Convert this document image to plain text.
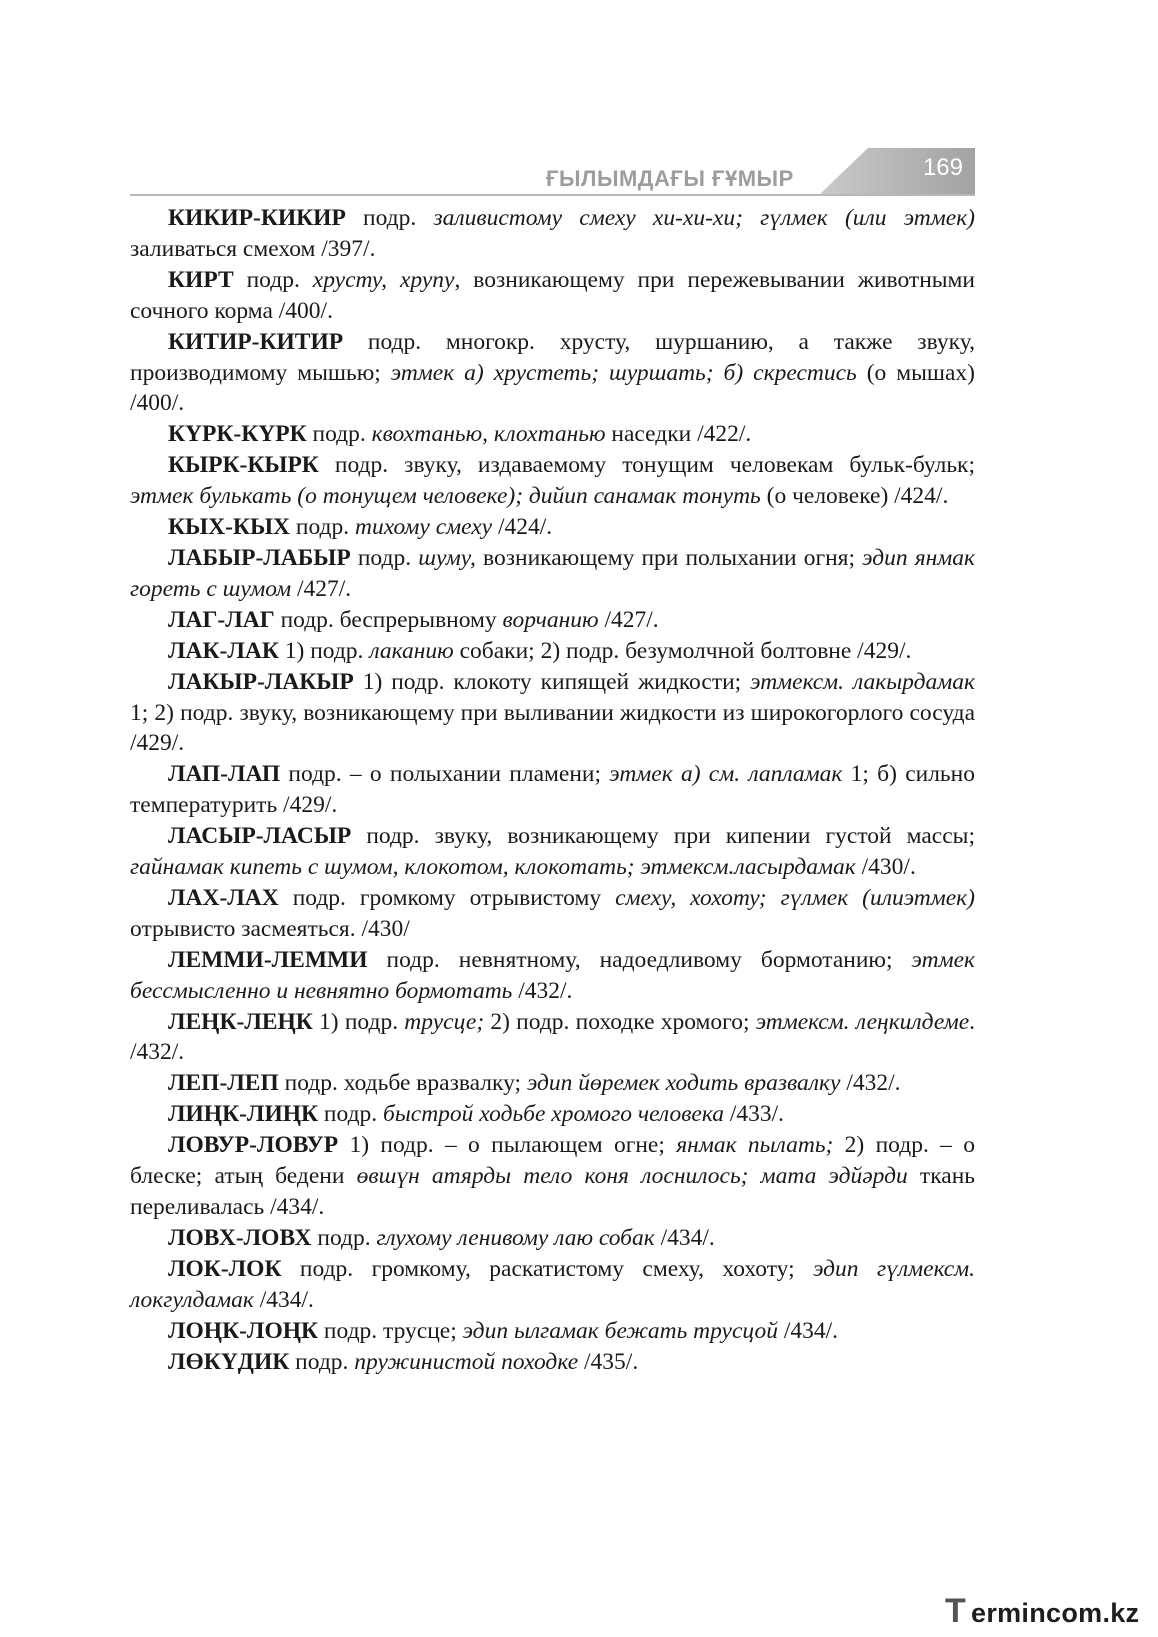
ҒЫЛЫМДАҒЫ ҒҰМЫР	169

КИКИР-КИКИР подр. заливистому смеху хи-хи-хи; гүлмек (или этмек) заливаться смехом /397/.

КИРТ подр. хрусту, хрупу, возникающему при пережевывании животными сочного корма /400/.

КИТИР-КИТИР подр. многокр. хрусту, шуршанию, а также звуку, производимому мышью; этмек а) хрустеть; шуршать; б) скрестись (о мышах) /400/.

КҮРК-КҮРК подр. квохтанью, клохтанью наседки /422/.

КЫРК-КЫРК подр. звуку, издаваемому тонущим человекам бульк-бульк; этмек булькать (о тонущем человеке); дийип санамак тонуть (о человеке) /424/.

КЫХ-КЫХ подр. тихому смеху /424/.

ЛАБЫР-ЛАБЫР подр. шуму, возникающему при полыхании огня; эдип янмак гореть с шумом /427/.

ЛАГ-ЛАГ подр. беспрерывному ворчанию /427/.

ЛАК-ЛАК 1) подр. лаканию собаки; 2) подр. безумолчной болтовне /429/.

ЛАКЫР-ЛАКЫР 1) подр. клокоту кипящей жидкости; этмексм. лакырдамак 1; 2) подр. звуку, возникающему при выливании жидкости из широкогорлого сосуда /429/.

ЛАП-ЛАП подр. – о полыхании пламени; этмек а) см. лапламак 1; б) сильно температурить /429/.

ЛАСЫР-ЛАСЫР подр. звуку, возникающему при кипении густой массы; гайнамак кипеть с шумом, клокотом, клокотать; этмексм.ласырдамак /430/.

ЛАХ-ЛАХ подр. громкому отрывистому смеху, хохоту; гүлмек (илиэтмек) отрывисто засмеяться. /430/

ЛЕММИ-ЛЕММИ подр. невнятному, надоедливому бормотанию; этмек бессмысленно и невнятно бормотать /432/.

ЛЕҢК-ЛЕҢК 1) подр. трусце; 2) подр. походке хромого; этмексм. леңкилдеме. /432/.

ЛЕП-ЛЕП подр. ходьбе вразвалку; эдип йөремек ходить вразвалку /432/.

ЛИҢК-ЛИҢК подр. быстрой ходьбе хромого человека /433/.

ЛОВУР-ЛОВУР 1) подр. – о пылающем огне; янмак пылать; 2) подр. – о блеске; атың бедени өвшүн атярды тело коня лоснилось; мата эдйәрди ткань переливалась /434/.

ЛОВХ-ЛОВХ подр. глухому ленивому лаю собак /434/.

ЛОК-ЛОК подр. громкому, раскатистому смеху, хохоту; эдип гүлмексм. локгулдамак /434/.

ЛОҢК-ЛОҢК подр. трусце; эдип ылгамак бежать трусцой /434/.

ЛӨКҮДИК подр. пружинистой походке /435/.

T ermincom.kz
